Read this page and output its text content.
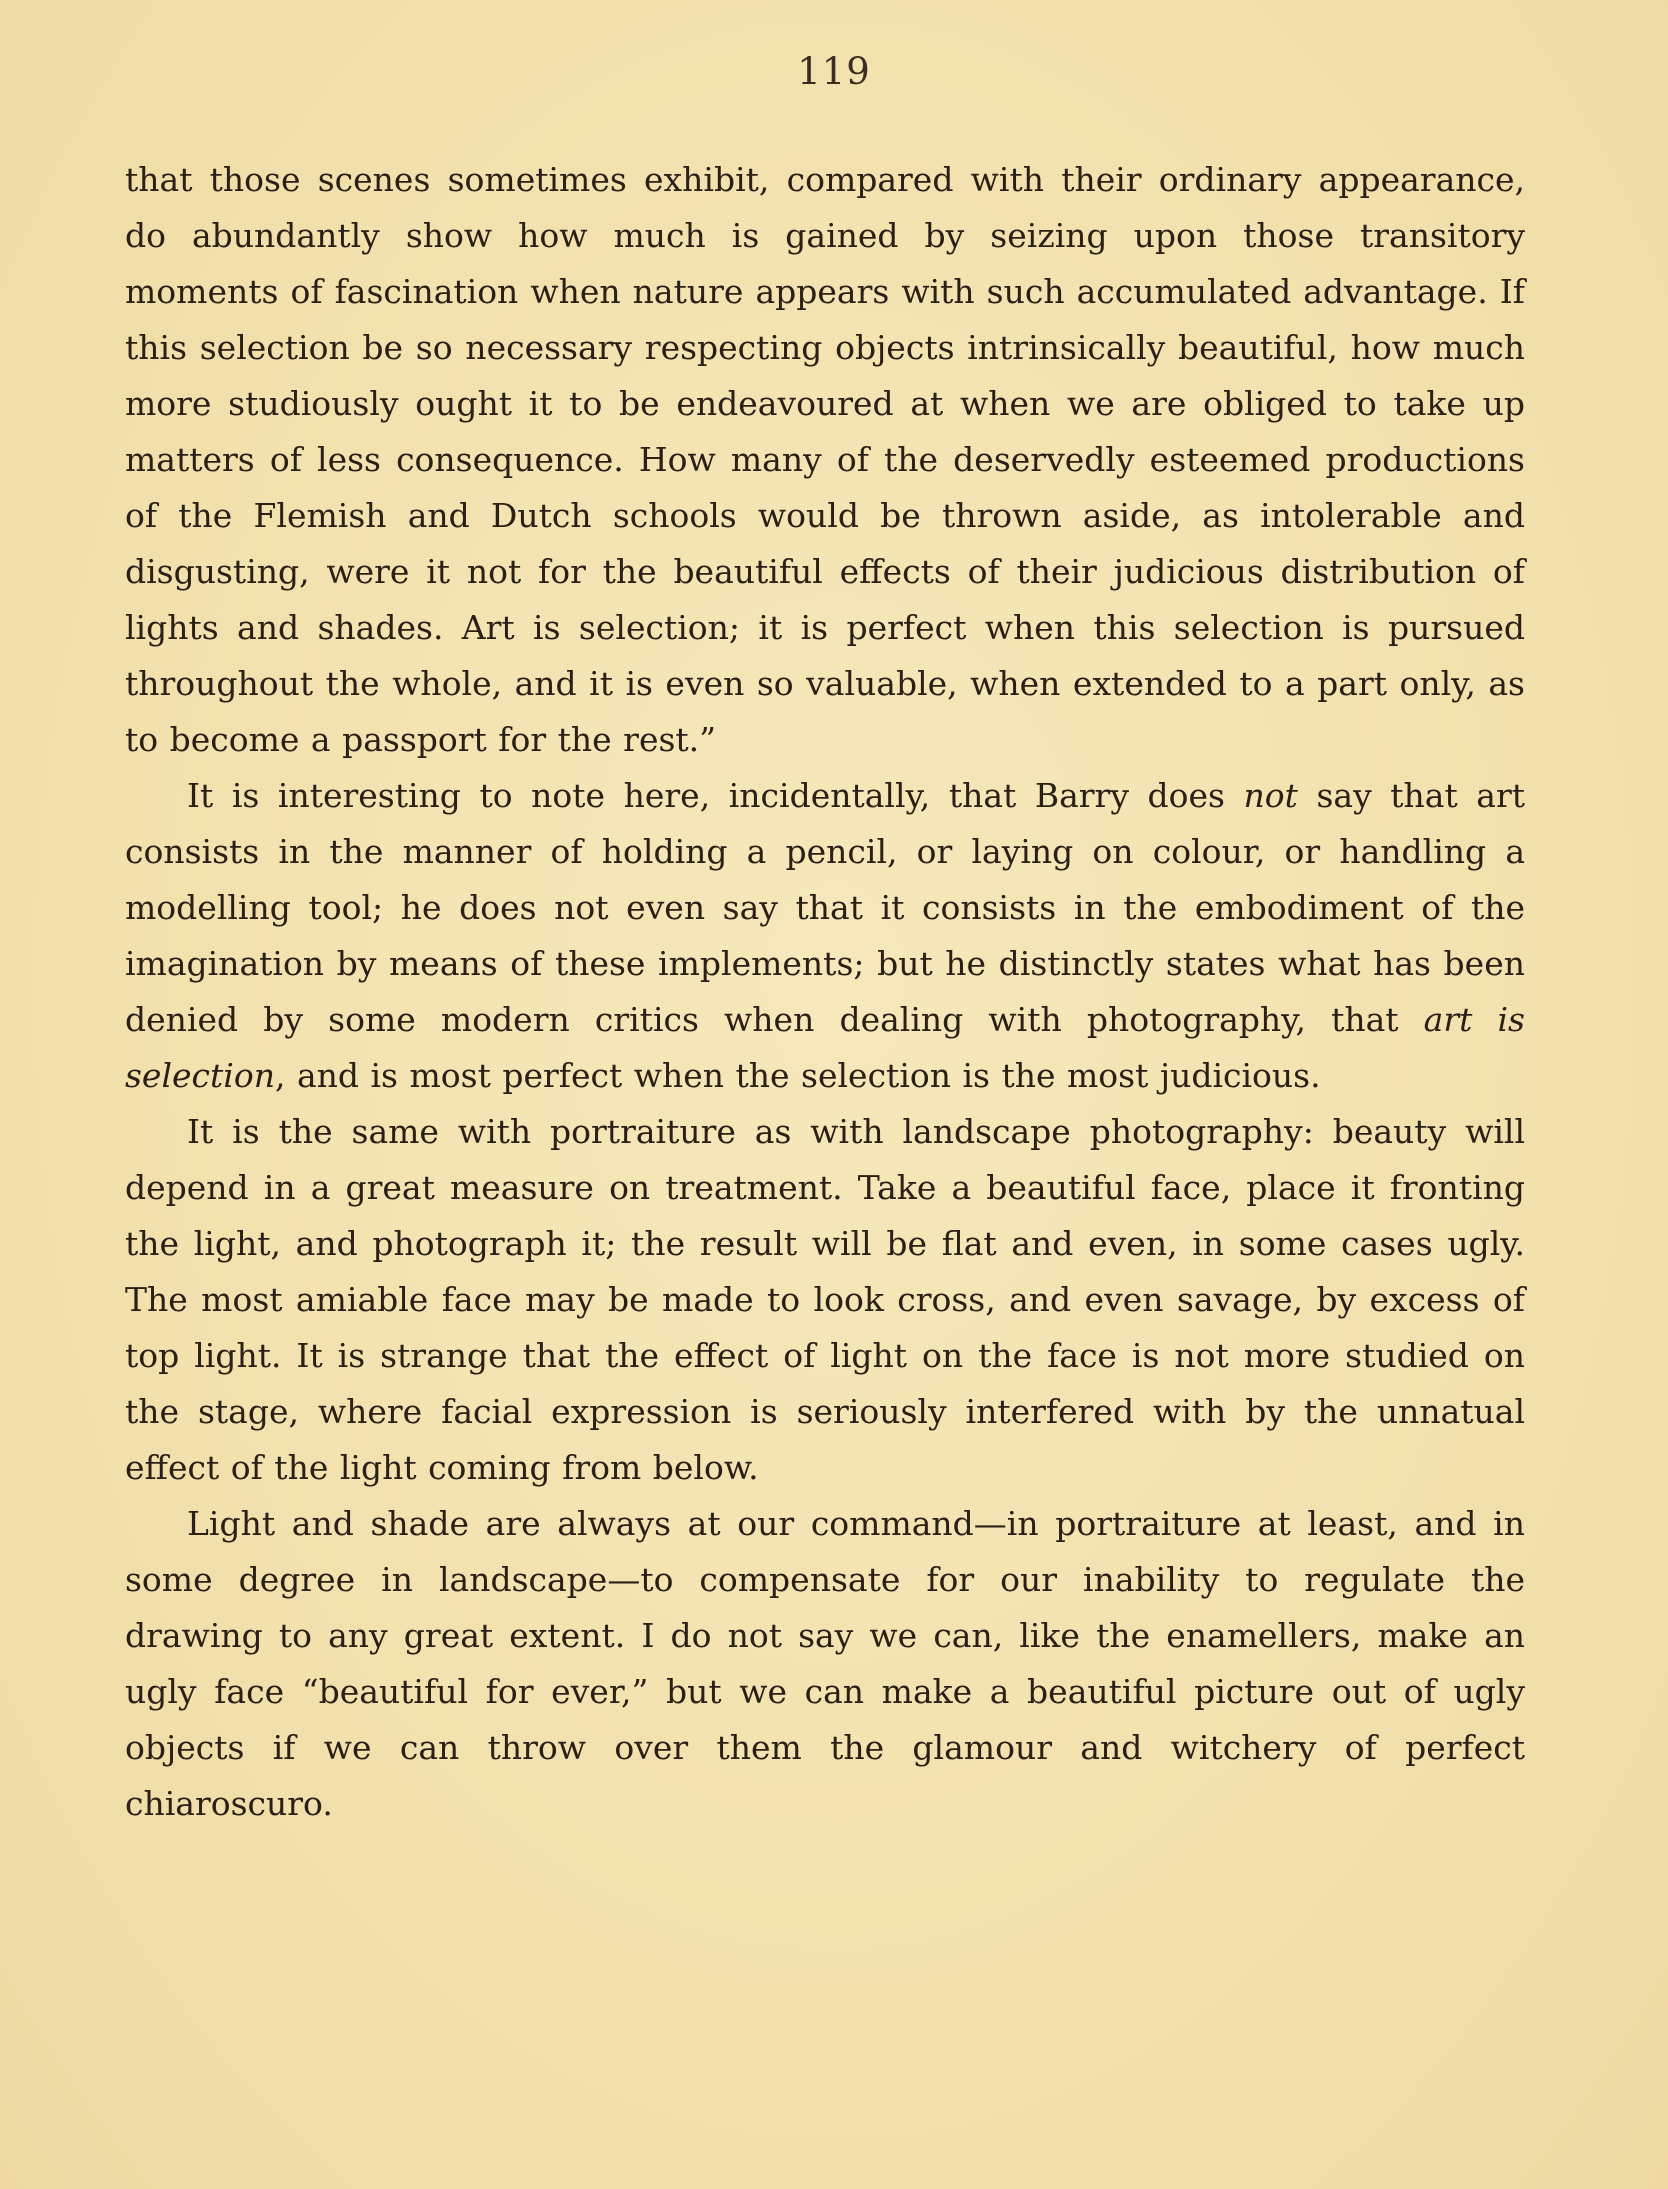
119

that those scenes sometimes exhibit, compared with their ordinary appearance, do abundantly show how much is gained by seizing upon those transitory moments of fascination when nature appears with such accumulated advantage. If this selection be so necessary respecting objects intrinsically beautiful, how much more studiously ought it to be endeavoured at when we are obliged to take up matters of less consequence. How many of the deservedly esteemed productions of the Flemish and Dutch schools would be thrown aside, as intolerable and disgusting, were it not for the beautiful effects of their judicious distribution of lights and shades. Art is selection; it is perfect when this selection is pursued throughout the whole, and it is even so valuable, when extended to a part only, as to become a passport for the rest.”

It is interesting to note here, incidentally, that Barry does not say that art consists in the manner of holding a pencil, or laying on colour, or handling a modelling tool; he does not even say that it consists in the embodiment of the imagination by means of these implements; but he distinctly states what has been denied by some modern critics when dealing with photography, that art is selection, and is most perfect when the selection is the most judicious.

It is the same with portraiture as with landscape photography: beauty will depend in a great measure on treatment. Take a beautiful face, place it fronting the light, and photograph it; the result will be flat and even, in some cases ugly. The most amiable face may be made to look cross, and even savage, by excess of top light. It is strange that the effect of light on the face is not more studied on the stage, where facial expression is seriously interfered with by the unnatual effect of the light coming from below.

Light and shade are always at our command—in portraiture at least, and in some degree in landscape—to compensate for our inability to regulate the drawing to any great extent. I do not say we can, like the enamellers, make an ugly face “beautiful for ever,” but we can make a beautiful picture out of ugly objects if we can throw over them the glamour and witchery of perfect chiaroscuro.
